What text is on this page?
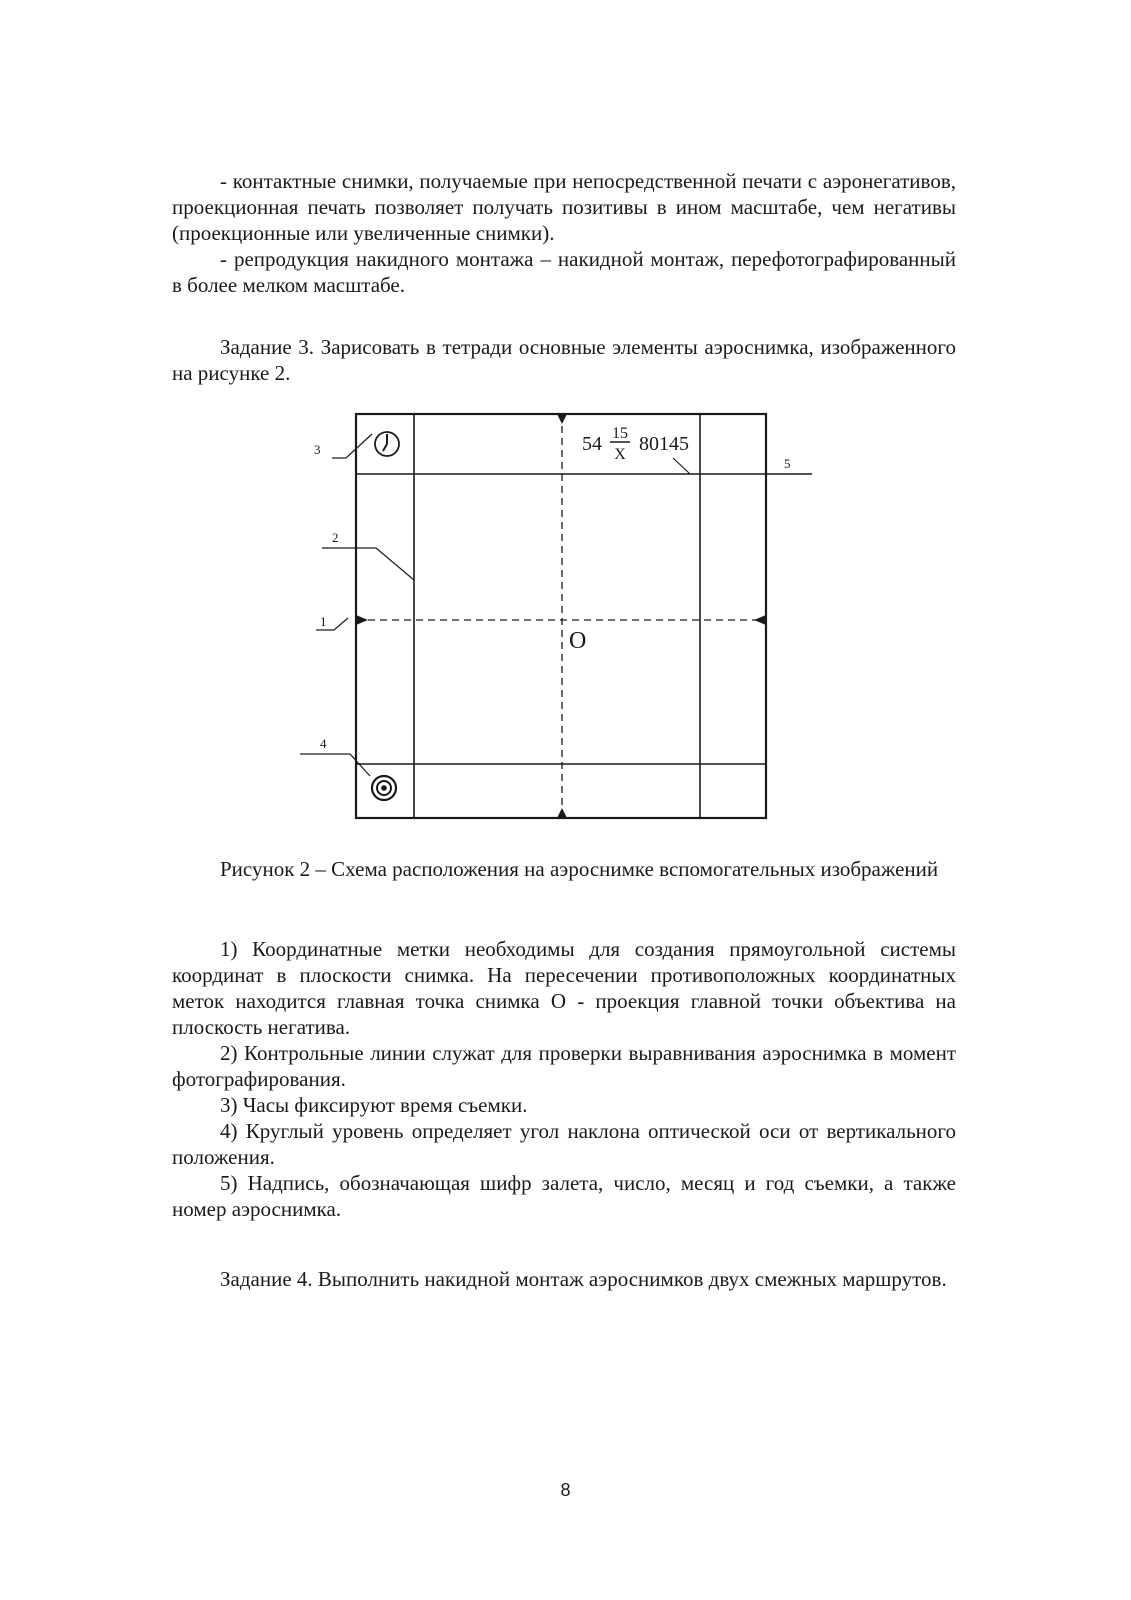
- контактные снимки, получаемые при непосредственной печати с аэронегативов, проекционная печать позволяет получать позитивы в ином масштабе, чем негативы (проекционные или увеличенные снимки).

- репродукция накидного монтажа – накидной монтаж, перефотографированный в более мелком масштабе.

Задание 3. Зарисовать в тетради основные элементы аэроснимка, изображенного на рисунке 2.

54 15
X 80145
O
3
2
1
4
5

Рисунок 2 – Схема расположения на аэроснимке вспомогательных изображений

1) Координатные метки необходимы для создания прямоугольной системы координат в плоскости снимка. На пересечении противоположных координатных меток находится главная точка снимка О - проекция главной точки объектива на плоскость негатива.

2) Контрольные линии служат для проверки выравнивания аэроснимка в момент фотографирования.

3) Часы фиксируют время съемки.

4) Круглый уровень определяет угол наклона оптической оси от вертикального положения.

5) Надпись, обозначающая шифр залета, число, месяц и год съемки, а также номер аэроснимка.

Задание 4. Выполнить накидной монтаж аэроснимков двух смежных маршрутов.

8
